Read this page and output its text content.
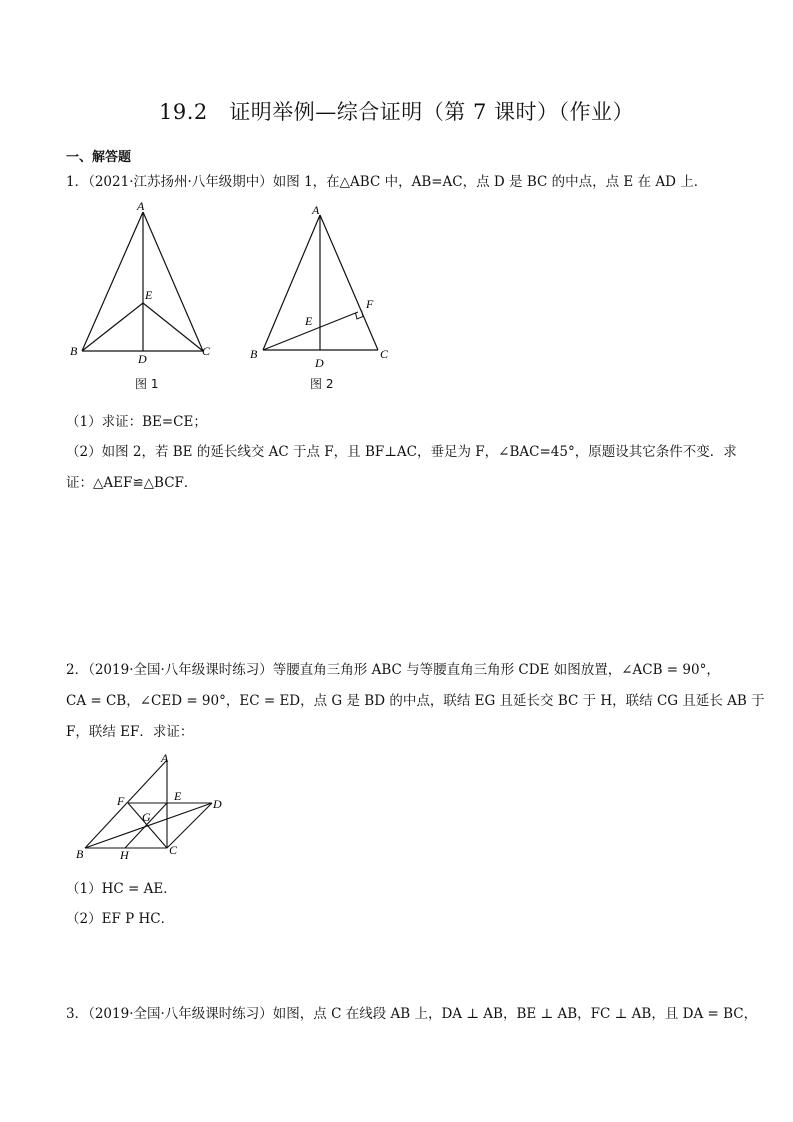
19.2　证明举例—综合证明（第 7 课时）（作业）
一、解答题
1．（2021·江苏扬州·八年级期中）如图 1，在△ABC 中，AB=AC，点 D 是 BC 的中点，点 E 在 AD 上．
A
B	C
D
E
图 1
A
B	C
D
E
F
图 2
（1）求证：BE=CE；
（2）如图 2，若 BE 的延长线交 AC 于点 F，且 BF⊥AC，垂足为 F，∠BAC=45°，原题设其它条件不变．求
证：△AEF≌△BCF．
2．（2019·全国·八年级课时练习）等腰直角三角形 ABC 与等腰直角三角形 CDE 如图放置，∠ACB = 90°，
CA = CB，∠CED = 90°，EC = ED，点 G 是 BD 的中点，联结 EG 且延长交 BC 于 H，联结 CG 且延长 AB 于
F，联结 EF．求证：
A
B	C
D
E
F
G
H
（1）HC = AE．
（2）EF P HC．
3．（2019·全国·八年级课时练习）如图，点 C 在线段 AB 上，DA ⊥ AB，BE ⊥ AB，FC ⊥ AB，且 DA = BC，
